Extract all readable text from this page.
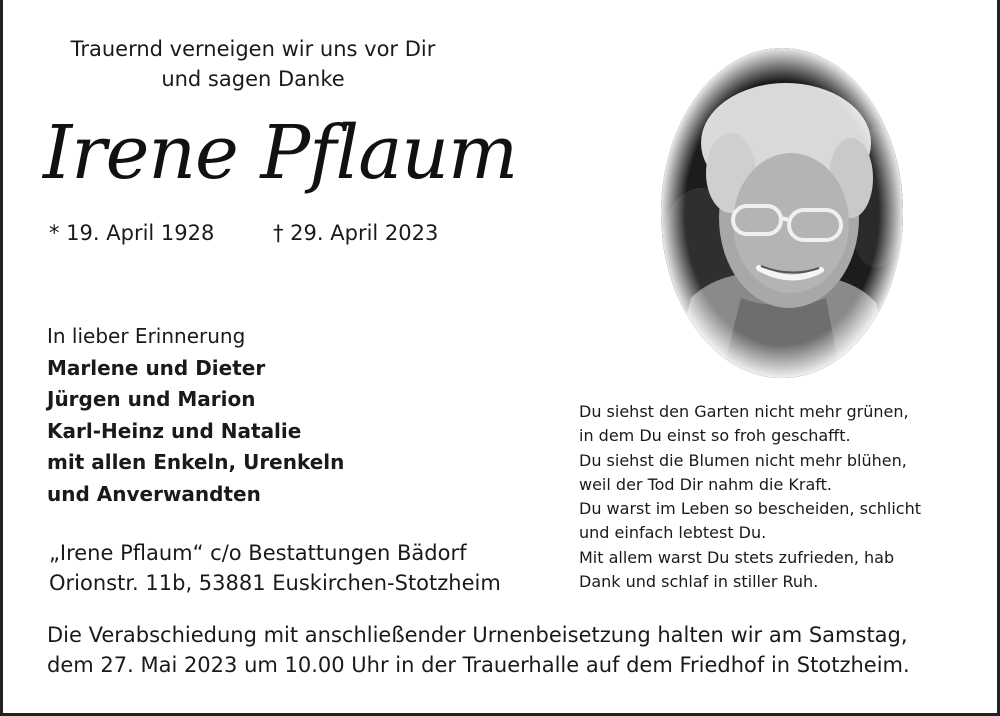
Trauernd verneigen wir uns vor Dir
und sagen Danke
Irene Pflaum
* 19. April 1928	† 29. April 2023
In lieber Erinnerung
Marlene und Dieter
Jürgen und Marion
Karl-Heinz und Natalie
mit allen Enkeln, Urenkeln
und Anverwandten
Du siehst den Garten nicht mehr grünen,
in dem Du einst so froh geschafft.
Du siehst die Blumen nicht mehr blühen,
weil der Tod Dir nahm die Kraft.
Du warst im Leben so bescheiden, schlicht
und einfach lebtest Du.
Mit allem warst Du stets zufrieden, hab
Dank und schlaf in stiller Ruh.
„Irene Pflaum“ c/o Bestattungen Bädorf
Orionstr. 11b, 53881 Euskirchen-Stotzheim
Die Verabschiedung mit anschließender Urnenbeisetzung halten wir am Samstag,
dem 27. Mai 2023 um 10.00 Uhr in der Trauerhalle auf dem Friedhof in Stotzheim.
